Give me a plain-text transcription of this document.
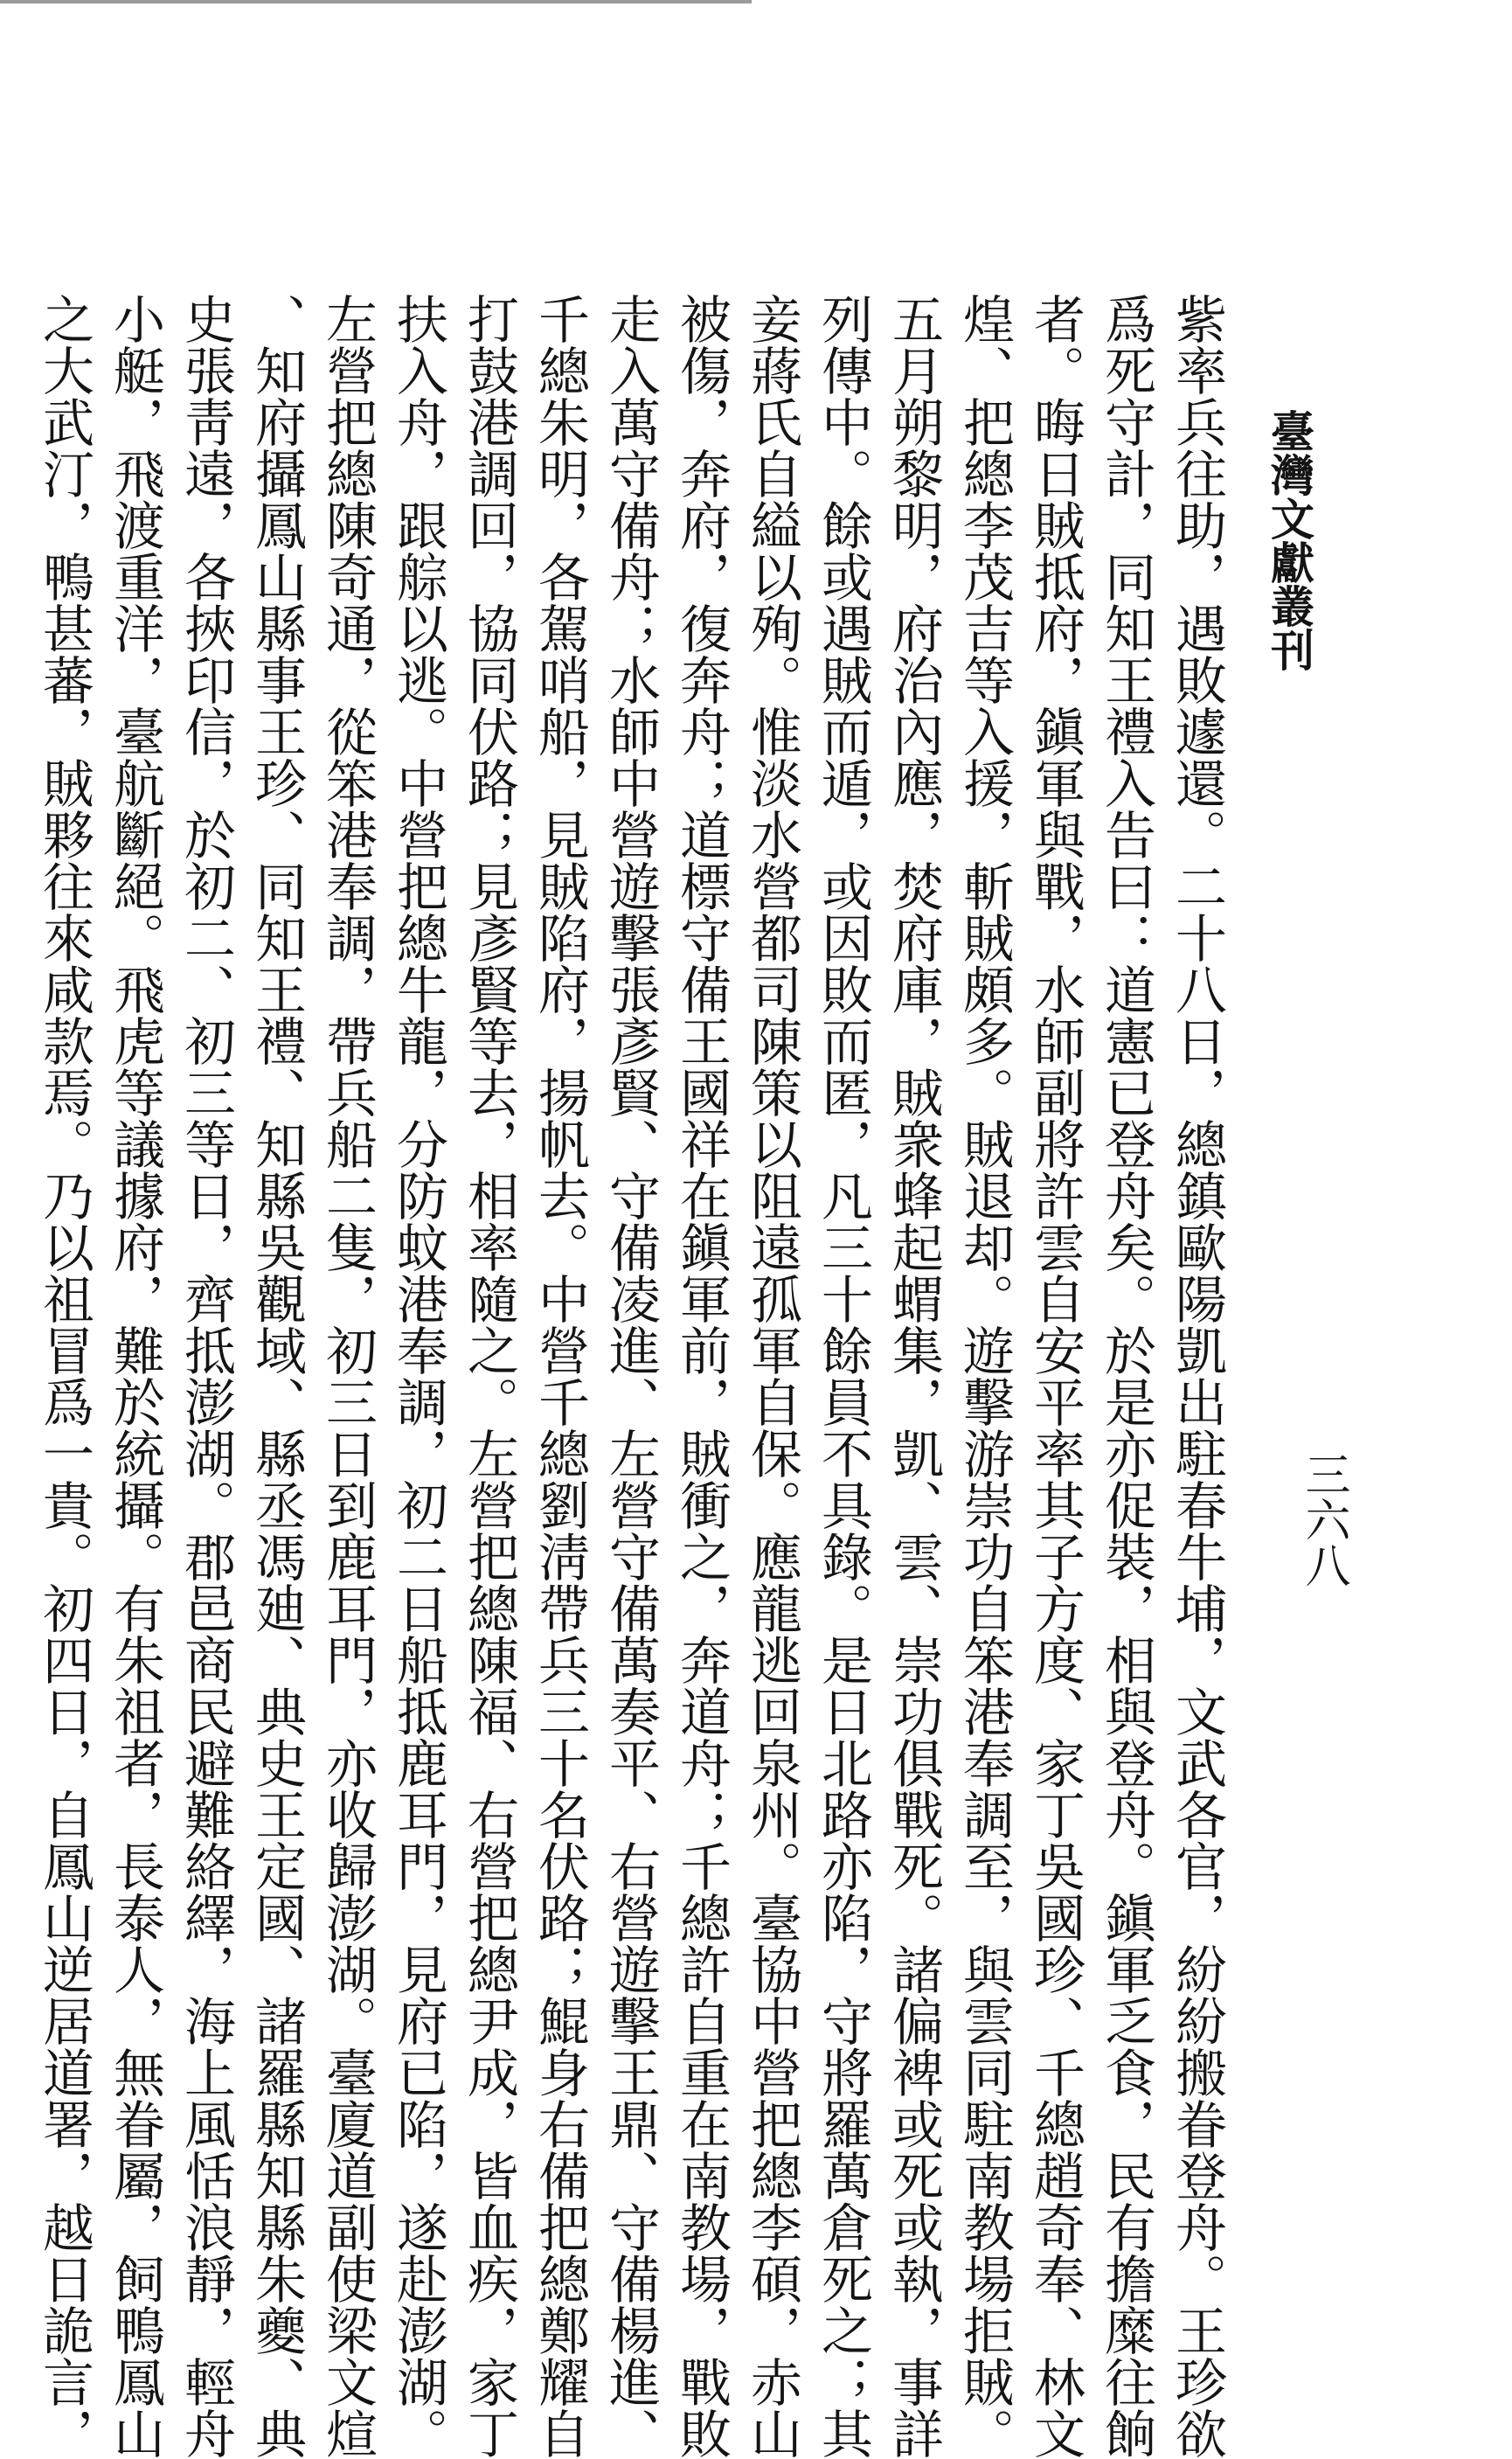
臺灣文獻叢刊
三六八

紫率兵往助，遇敗遽還。二十八日，總鎮歐陽凱出駐春牛埔，文武各官，紛紛搬眷登舟。王珍欲

爲死守計，同知王禮入告曰：道憲已登舟矣。於是亦促裝，相與登舟。鎭軍乏食，民有擔糜往餉

者。晦日賊抵府，鎭軍與戰，水師副將許雲自安平率其子方度、家丁吳國珍、千總趙奇奉、林文

煌、把總李茂吉等入援，斬賊頗多。賊退却。遊擊游崇功自笨港奉調至，與雲同駐南教場拒賊。

五月朔黎明，府治內應，焚府庫，賊衆蜂起蝟集，凱、雲、崇功俱戰死。諸偏裨或死或執，事詳

列傳中。餘或遇賊而遁，或因敗而匿，凡三十餘員不具錄。是日北路亦陷，守將羅萬倉死之；其

妾蔣氏自縊以殉。惟淡水營都司陳策以阻遠孤軍自保。應龍逃回泉州。臺協中營把總李碩，赤山

被傷，奔府，復奔舟；道標守備王國祥在鎭軍前，賊衝之，奔道舟；千總許自重在南教場，戰敗

走入萬守備舟；水師中營遊擊張彥賢、守備凌進、左營守備萬奏平、右營遊擊王鼎、守備楊進、

千總朱明，各駕哨船，見賊陷府，揚帆去。中營千總劉淸帶兵三十名伏路；鯤身右備把總鄭耀自

打鼓港調回，協同伏路；見彥賢等去，相率隨之。左營把總陳福、右營把總尹成，皆血疾，家丁

扶入舟，跟䑸以逃。中營把總牛龍，分防蚊港奉調，初二日船抵鹿耳門，見府已陷，遂赴澎湖。

左營把總陳奇通，從笨港奉調，帶兵船二隻，初三日到鹿耳門，亦收歸澎湖。臺廈道副使梁文煊

、知府攝鳳山縣事王珍、同知王禮、知縣吳觀域、縣丞馮廸、典史王定國、諸羅縣知縣朱夔、典

史張靑遠，各挾印信，於初二、初三等日，齊抵澎湖。郡邑商民避難絡繹，海上風恬浪靜，輕舟

小艇，飛渡重洋，臺航斷絕。飛虎等議據府，難於統攝。有朱祖者，長泰人，無眷屬，飼鴨鳳山

之大武汀，鴨甚蕃，賊夥往來咸款焉。乃以祖冒爲一貴。初四日，自鳳山逆居道署，越日詭言，
